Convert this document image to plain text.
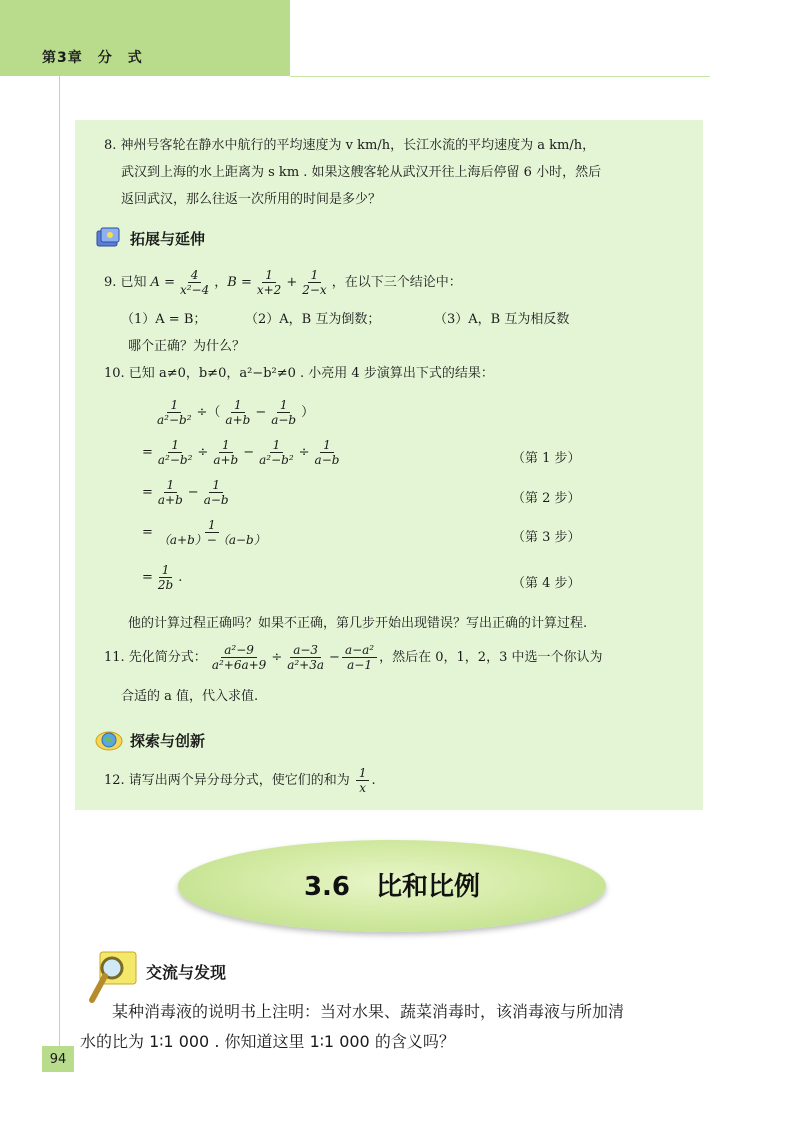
第3章　分　式
8. 神州号客轮在静水中航行的平均速度为 v km/h，长江水流的平均速度为 a km/h，
武汉到上海的水上距离为 s km . 如果这艘客轮从武汉开往上海后停留 6 小时，然后
返回武汉，那么往返一次所用的时间是多少？
拓展与延伸
9. 已知 $A = \frac{4}{\text{x²−4}}$ ， $B = \frac{1}{x+2} + \frac{1}{2-x}$ ，在以下三个结论中：
（1）A = B；	（2）A，B 互为倒数；	（3）A，B 互为相反数
哪个正确？为什么？
10. 已知 a≠0，b≠0，a²−b²≠0 . 小亮用 4 步演算出下式的结果：
$\frac{1}{\text{a²−b²}}$ ÷（ $\frac{1}{a+b} - \frac{1}{a-b}$ ）
= $\frac{1}{\text{a²−b²}} \div \frac{1}{a+b} - \frac{1}{\text{a²−b²}} \div \frac{1}{a-b}$	（第 1 步）
= $\frac{1}{a+b} - \frac{1}{a-b}$	（第 2 步）
= $\frac{1}{(a+b)-(a-b)}$	（第 3 步）
= $\frac{1}{2b}$ .	（第 4 步）
他的计算过程正确吗？如果不正确，第几步开始出现错误？写出正确的计算过程.
11. 先化简分式： $\frac{\text{a²−9}}{\text{a²+6a+9}} \div \frac{a-3}{\text{a²+3a}} - \frac{\text{a−a²}}{a-1}$ ，然后在 0，1，2，3 中选一个你认为
合适的 a 值，代入求值.
探索与创新
12. 请写出两个异分母分式，使它们的和为 $\frac{1}{x}$ .
3.6　比和比例
交流与发现
某种消毒液的说明书上注明：当对水果、蔬菜消毒时，该消毒液与所加清
水的比为 1∶1 000 . 你知道这里 1∶1 000 的含义吗？
94
